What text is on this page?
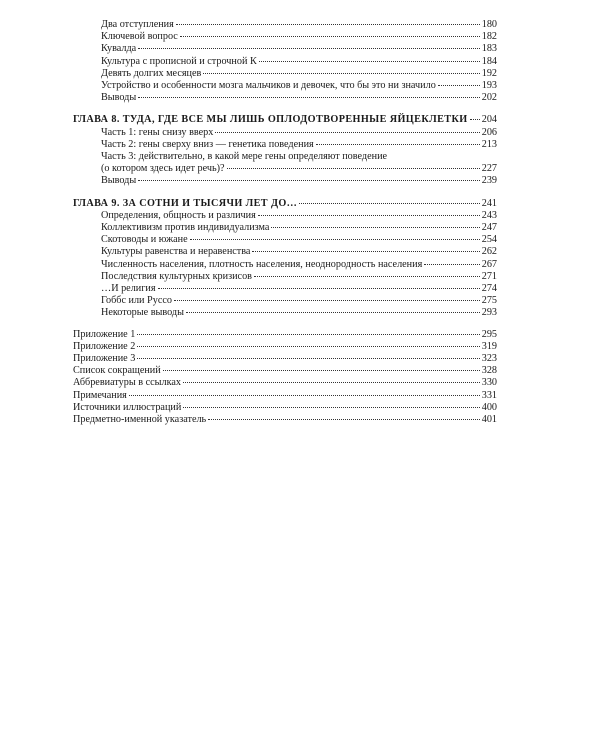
Два отступления	180
Ключевой вопрос	182
Кувалда	183
Культура с прописной и строчной К	184
Девять долгих месяцев	192
Устройство и особенности мозга мальчиков и девочек, что бы это ни значило	193
Выводы	202
ГЛАВА 8. ТУДА, ГДЕ ВСЕ МЫ ЛИШЬ ОПЛОДОТВОРЕННЫЕ ЯЙЦЕКЛЕТКИ 204
Часть 1: гены снизу вверх	206
Часть 2: гены сверху вниз — генетика поведения	213
Часть 3: действительно, в какой мере гены определяют поведение
(о котором здесь идет речь)?	227
Выводы	239
ГЛАВА 9. ЗА СОТНИ И ТЫСЯЧИ ЛЕТ ДО…	241
Определения, общность и различия	243
Коллективизм против индивидуализма	247
Скотоводы и южане	254
Культуры равенства и неравенства	262
Численность населения, плотность населения, неоднородность населения	267
Последствия культурных кризисов	271
…И религия	274
Гоббс или Руссо	275
Некоторые выводы	293
Приложение 1	295
Приложение 2	319
Приложение 3	323
Список сокращений	328
Аббревиатуры в ссылках	330
Примечания	331
Источники иллюстраций	400
Предметно-именной указатель	401
